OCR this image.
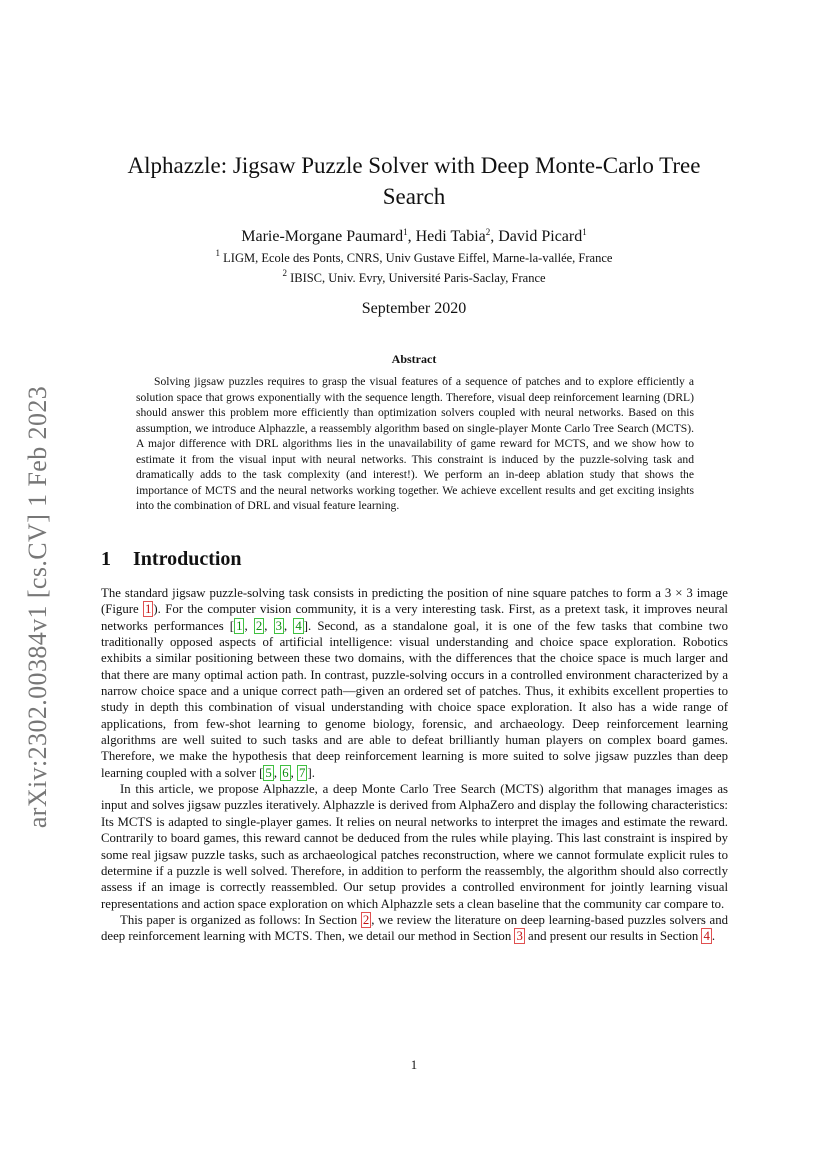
arXiv:2302.00384v1 [cs.CV] 1 Feb 2023
Alphazzle: Jigsaw Puzzle Solver with Deep Monte-Carlo Tree Search
Marie-Morgane Paumard$^1$, Hedi Tabia$^2$, David Picard$^1$
$^1$ LIGM, Ecole des Ponts, CNRS, Univ Gustave Eiffel, Marne-la-vallée, France
$^2$ IBISC, Univ. Evry, Université Paris-Saclay, France
September 2020
Abstract

Solving jigsaw puzzles requires to grasp the visual features of a sequence of patches and to explore efficiently a solution space that grows exponentially with the sequence length. Therefore, visual deep reinforcement learning (DRL) should answer this problem more efficiently than optimization solvers coupled with neural networks. Based on this assumption, we introduce Alphazzle, a reassembly algorithm based on single-player Monte Carlo Tree Search (MCTS). A major difference with DRL algorithms lies in the unavailability of game reward for MCTS, and we show how to estimate it from the visual input with neural networks. This constraint is induced by the puzzle-solving task and dramatically adds to the task complexity (and interest!). We perform an in-deep ablation study that shows the importance of MCTS and the neural networks working together. We achieve excellent results and get exciting insights into the combination of DRL and visual feature learning.

1 Introduction

The standard jigsaw puzzle-solving task consists in predicting the position of nine square patches to form a 3 × 3 image (Figure 1 ). For the computer vision community, it is a very interesting task. First, as a pretext task, it improves neural networks performances [ 1 , 2 , 3 , 4 ]. Second, as a standalone goal, it is one of the few tasks that combine two traditionally opposed aspects of artificial intelligence: visual understanding and choice space exploration. Robotics exhibits a similar positioning between these two domains, with the differences that the choice space is much larger and that there are many optimal action path. In contrast, puzzle-solving occurs in a controlled environment characterized by a narrow choice space and a unique correct path—given an ordered set of patches. Thus, it exhibits excellent properties to study in depth this combination of visual understanding with choice space exploration. It also has a wide range of applications, from few-shot learning to genome biology, forensic, and archaeology. Deep reinforcement learning algorithms are well suited to such tasks and are able to defeat brilliantly human players on complex board games. Therefore, we make the hypothesis that deep reinforcement learning is more suited to solve jigsaw puzzles than deep learning coupled with a solver [ 5 , 6 , 7 ].

In this article, we propose Alphazzle, a deep Monte Carlo Tree Search (MCTS) algorithm that manages images as input and solves jigsaw puzzles iteratively. Alphazzle is derived from AlphaZero and display the following characteristics: Its MCTS is adapted to single-player games. It relies on neural networks to interpret the images and estimate the reward. Contrarily to board games, this reward cannot be deduced from the rules while playing. This last constraint is inspired by some real jigsaw puzzle tasks, such as archaeological patches reconstruction, where we cannot formulate explicit rules to determine if a puzzle is well solved. Therefore, in addition to perform the reassembly, the algorithm should also correctly assess if an image is correctly reassembled. Our setup provides a controlled environment for jointly learning visual representations and action space exploration on which Alphazzle sets a clean baseline that the community car compare to.

This paper is organized as follows: In Section 2 , we review the literature on deep learning-based puzzles solvers and deep reinforcement learning with MCTS. Then, we detail our method in Section 3 and present our results in Section 4 .

1
